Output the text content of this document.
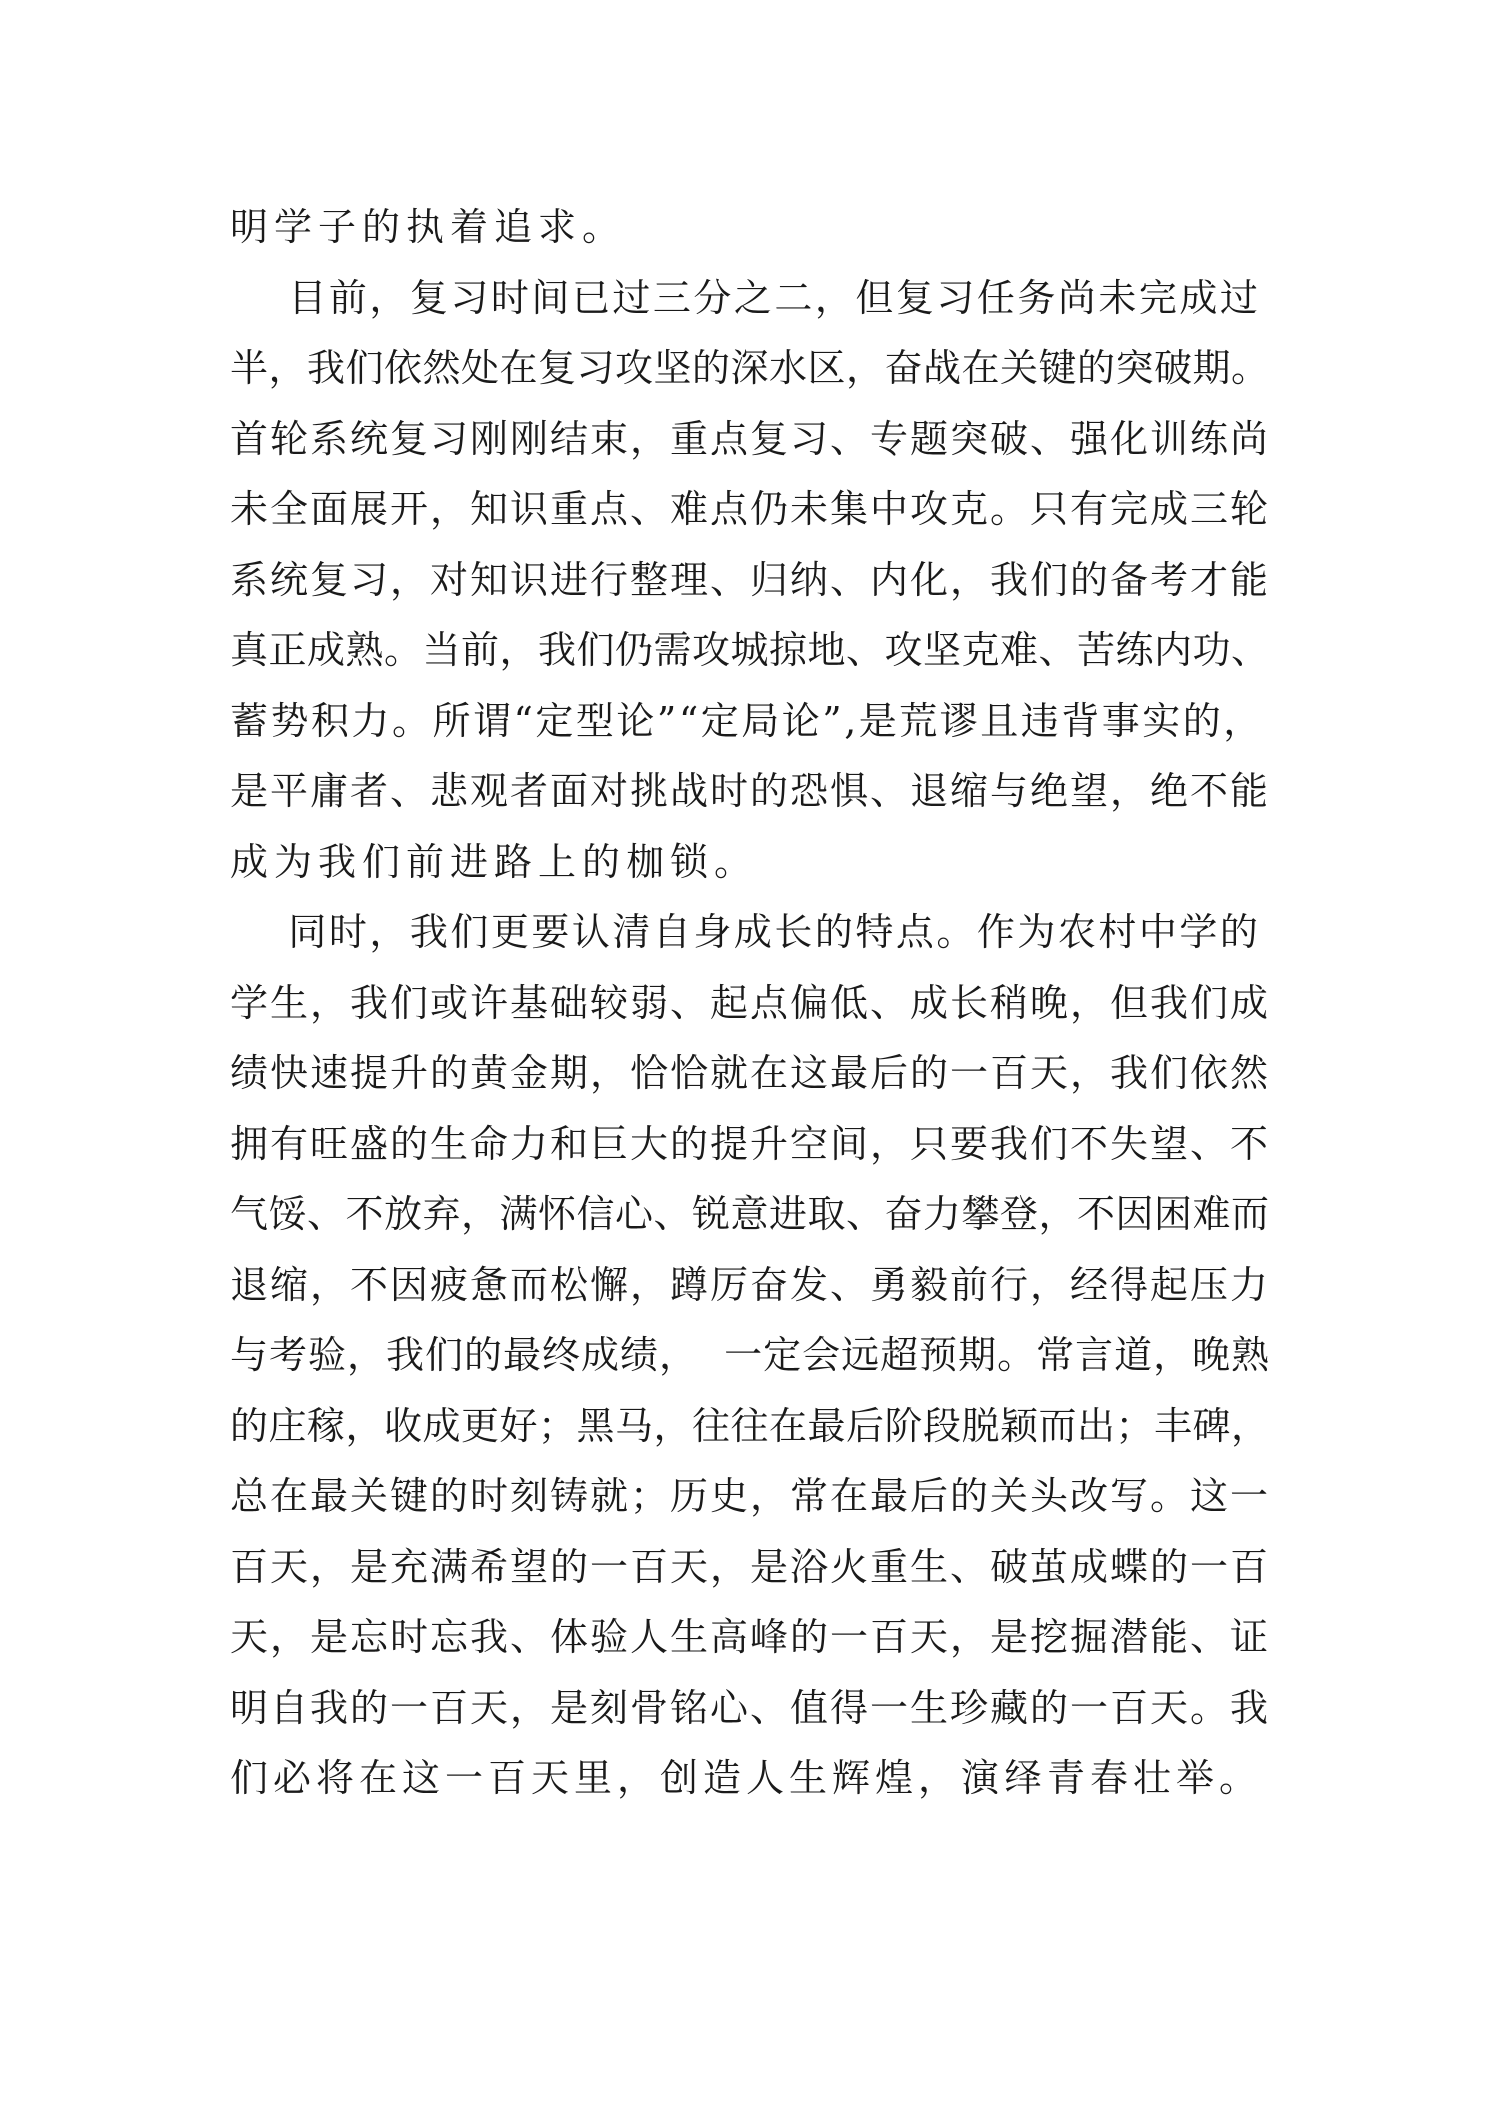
明学子的执着追求。
目前，复习时间已过三分之二，但复习任务尚未完成过
半，我们依然处在复习攻坚的深水区，奋战在关键的突破期。
首轮系统复习刚刚结束，重点复习、专题突破、强化训练尚
未全面展开，知识重点、难点仍未集中攻克。只有完成三轮
系统复习，对知识进行整理、归纳、内化，我们的备考才能
真正成熟。当前，我们仍需攻城掠地、攻坚克难、苦练内功、
蓄势积力。所谓“定型论”“定局论”,是荒谬且违背事实的，
是平庸者、悲观者面对挑战时的恐惧、退缩与绝望，绝不能
成为我们前进路上的枷锁。
同时，我们更要认清自身成长的特点。作为农村中学的
学生，我们或许基础较弱、起点偏低、成长稍晚，但我们成
绩快速提升的黄金期，恰恰就在这最后的一百天，我们依然
拥有旺盛的生命力和巨大的提升空间，只要我们不失望、不
气馁、不放弃，满怀信心、锐意进取、奋力攀登，不因困难而
退缩，不因疲惫而松懈，蹲厉奋发、勇毅前行，经得起压力
与考验，我们的最终成绩，  一定会远超预期。常言道，晚熟
的庄稼，收成更好；黑马，往往在最后阶段脱颖而出；丰碑，
总在最关键的时刻铸就；历史，常在最后的关头改写。这一
百天，是充满希望的一百天，是浴火重生、破茧成蝶的一百
天，是忘时忘我、体验人生高峰的一百天，是挖掘潜能、证
明自我的一百天，是刻骨铭心、值得一生珍藏的一百天。我
们必将在这一百天里，创造人生辉煌，演绎青春壮举。
